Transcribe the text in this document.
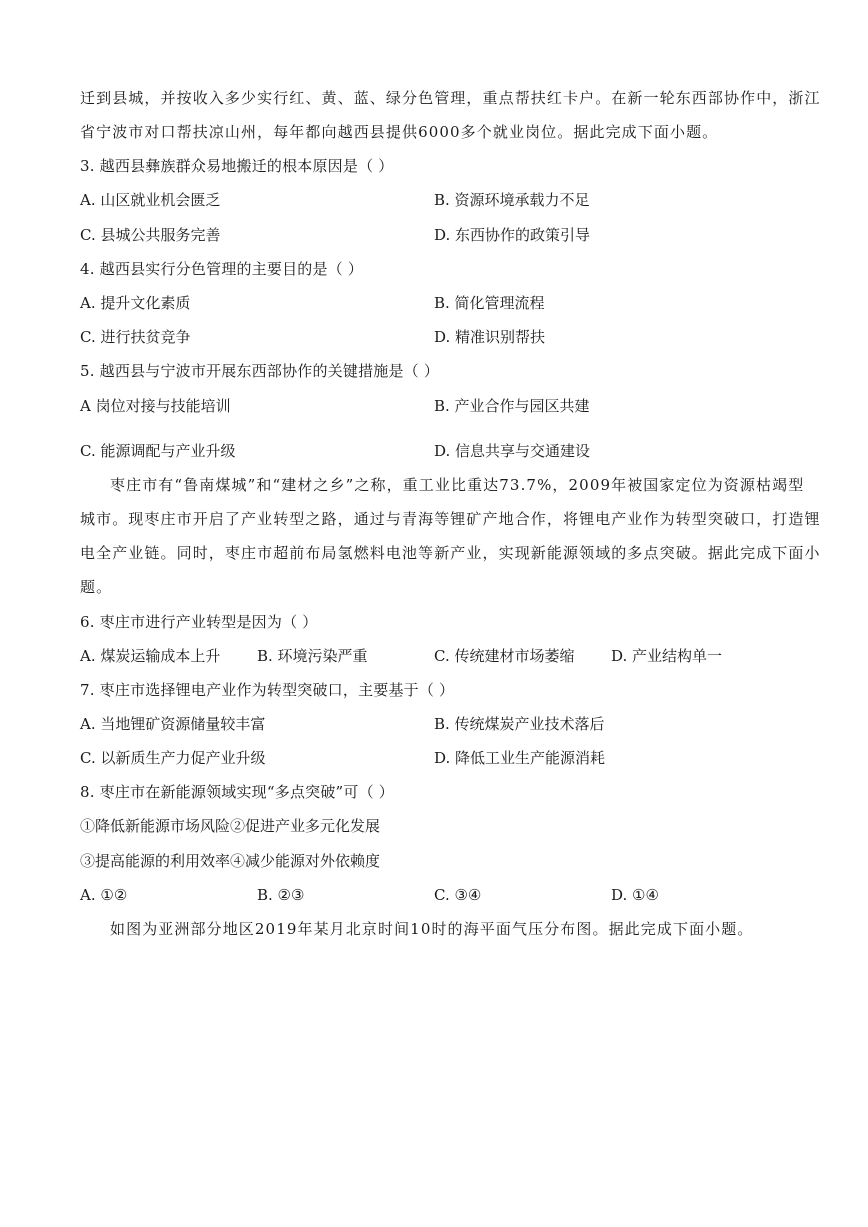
迁到县城，并按收入多少实行红、黄、蓝、绿分色管理，重点帮扶红卡户。在新一轮东西部协作中，浙江
省宁波市对口帮扶凉山州，每年都向越西县提供6000多个就业岗位。据此完成下面小题。
3. 越西县彝族群众易地搬迁的根本原因是（ ）
A. 山区就业机会匮乏	B. 资源环境承载力不足
C. 县城公共服务完善	D. 东西协作的政策引导
4. 越西县实行分色管理的主要目的是（ ）
A. 提升文化素质	B. 简化管理流程
C. 进行扶贫竞争	D. 精准识别帮扶
5. 越西县与宁波市开展东西部协作的关键措施是（ ）
A 岗位对接与技能培训	B. 产业合作与园区共建
C. 能源调配与产业升级	D. 信息共享与交通建设
枣庄市有“鲁南煤城”和“建材之乡”之称，重工业比重达73.7%，2009年被国家定位为资源枯竭型
城市。现枣庄市开启了产业转型之路，通过与青海等锂矿产地合作，将锂电产业作为转型突破口，打造锂
电全产业链。同时，枣庄市超前布局氢燃料电池等新产业，实现新能源领域的多点突破。据此完成下面小
题。
6. 枣庄市进行产业转型是因为（ ）
A. 煤炭运输成本上升 B. 环境污染严重	C. 传统建材市场萎缩 D. 产业结构单一
7. 枣庄市选择锂电产业作为转型突破口，主要基于（ ）
A. 当地锂矿资源储量较丰富	B. 传统煤炭产业技术落后
C. 以新质生产力促产业升级	D. 降低工业生产能源消耗
8. 枣庄市在新能源领域实现“多点突破”可（ ）
①降低新能源市场风险②促进产业多元化发展
③提高能源的利用效率④减少能源对外依赖度
A. ①②	B. ②③	C. ③④	D. ①④
如图为亚洲部分地区2019年某月北京时间10时的海平面气压分布图。据此完成下面小题。
